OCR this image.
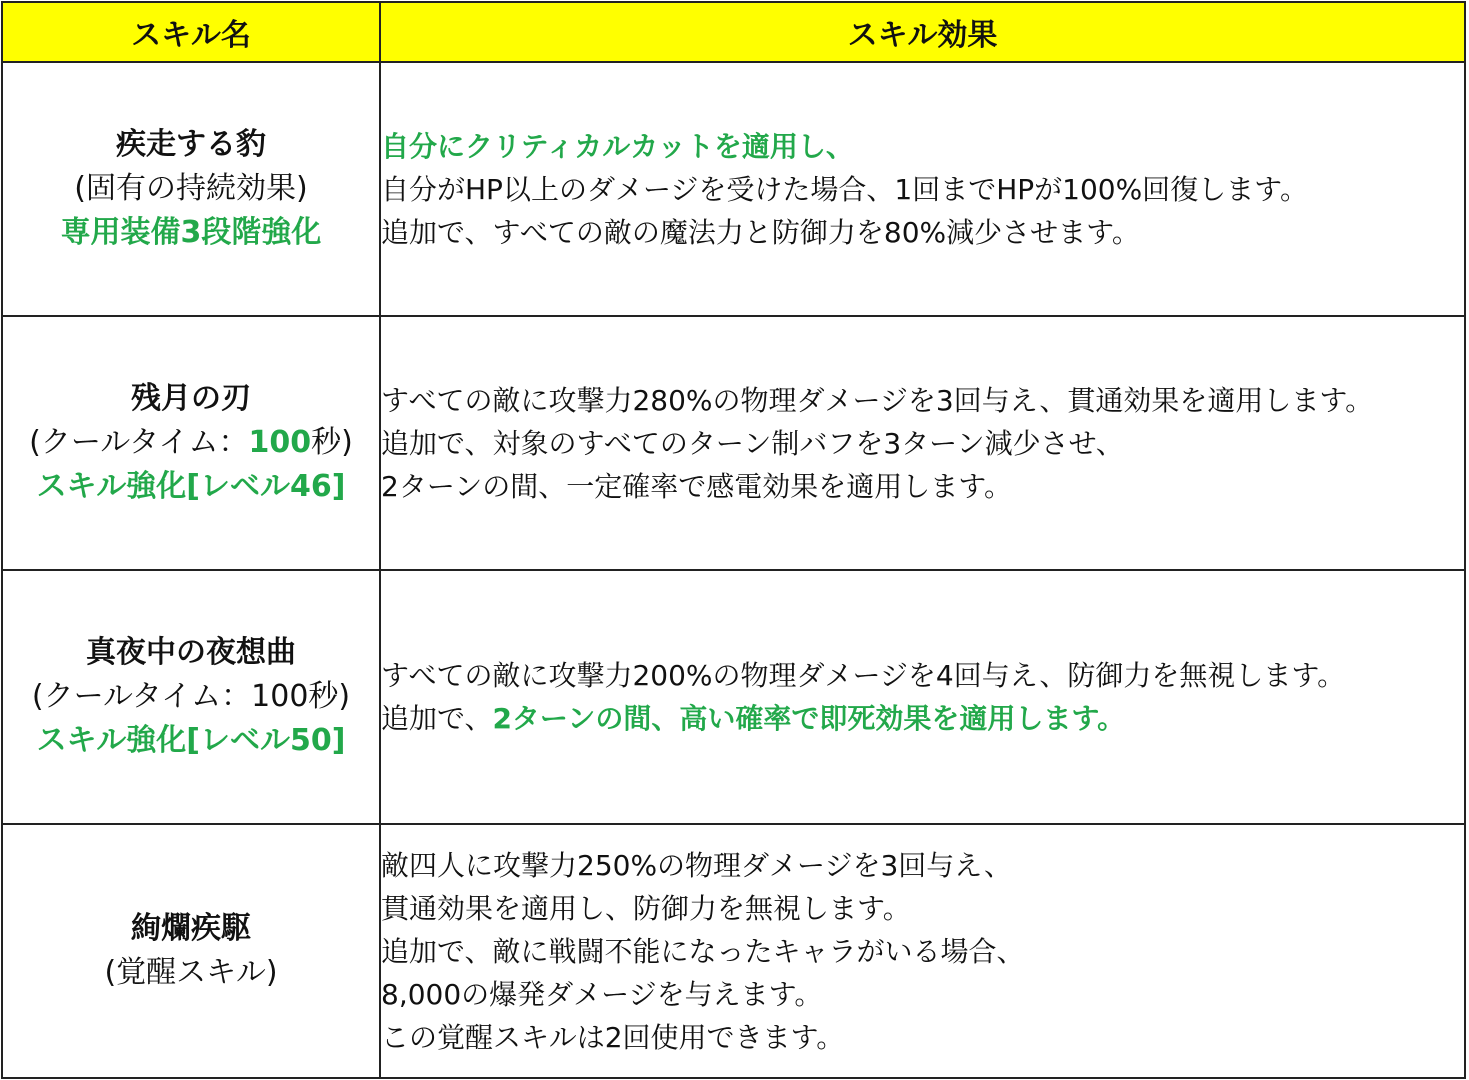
スキル名	スキル効果

疾走する豹
(固有の持続効果)
専用装備3段階強化	自分にクリティカルカットを適用し、
自分がHP以上のダメージを受けた場合、1回までHPが100%回復します。
追加で、すべての敵の魔法力と防御力を80%減少させます。

残月の刃
(クールタイム：100秒)
スキル強化[レベル46]	すべての敵に攻撃力280%の物理ダメージを3回与え、貫通効果を適用します。
追加で、対象のすべてのターン制バフを3ターン減少させ、
2ターンの間、一定確率で感電効果を適用します。

真夜中の夜想曲
(クールタイム：100秒)
スキル強化[レベル50]	すべての敵に攻撃力200%の物理ダメージを4回与え、防御力を無視します。
追加で、2ターンの間、高い確率で即死効果を適用します。

絢爛疾駆
(覚醒スキル)	敵四人に攻撃力250%の物理ダメージを3回与え、
貫通効果を適用し、防御力を無視します。
追加で、敵に戦闘不能になったキャラがいる場合、
8,000の爆発ダメージを与えます。
この覚醒スキルは2回使用できます。
